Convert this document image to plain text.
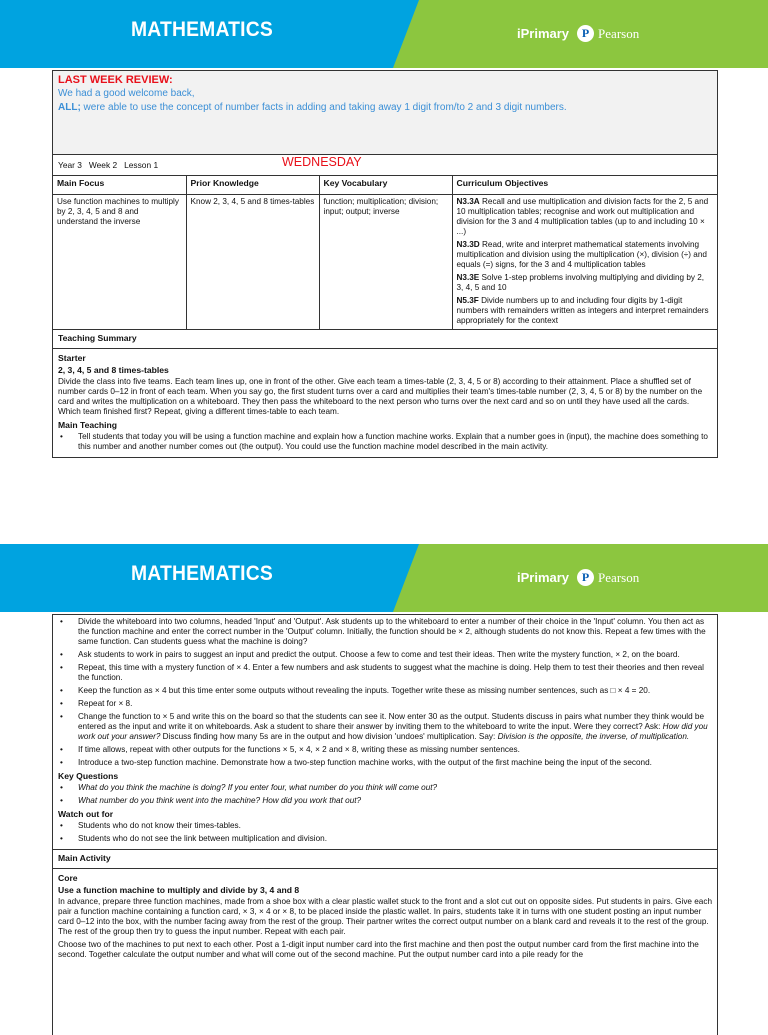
MATHEMATICS	iPrimary	P Pearson
LAST WEEK REVIEW:
We had a good welcome back,
ALL; were able to use the concept of number facts in adding and taking away 1 digit from/to 2 and 3 digit numbers.
Year 3   Week 2   Lesson 1	WEDNESDAY
Main Focus	Prior Knowledge	Key Vocabulary	Curriculum Objectives
Use function machines to multiply by 2, 3, 4, 5 and 8 and understand the inverse	Know 2, 3, 4, 5 and 8 times-tables	function; multiplication; division; input; output; inverse	N3.3A Recall and use multiplication and division facts for the 2, 5 and 10 multiplication tables; recognise and work out multiplication and division for the 3 and 4 multiplication tables (up to and including 10 × ...)
N3.3D Read, write and interpret mathematical statements involving multiplication and division using the multiplication (×), division (÷) and equals (=) signs, for the 3 and 4 multiplication tables
N3.3E Solve 1-step problems involving multiplying and dividing by 2, 3, 4, 5 and 10
N5.3F Divide numbers up to and including four digits by 1-digit numbers with remainders written as integers and interpret remainders appropriately for the context
Teaching Summary
Starter
2, 3, 4, 5 and 8 times-tables
Divide the class into five teams. Each team lines up, one in front of the other. Give each team a times-table (2, 3, 4, 5 or 8) according to their attainment. Place a shuffled set of number cards 0–12 in front of each team. When you say go, the first student turns over a card and multiplies their team's times-table number (2, 3, 4, 5 or 8) by the number on the card and writes the multiplication on a whiteboard. They then pass the whiteboard to the next person who turns over the next card and so on until they have used all the cards. Which team finished first? Repeat, giving a different times-table to each team.
Main Teaching
• Tell students that today you will be using a function machine and explain how a function machine works. Explain that a number goes in (input), the machine does something to this number and another number comes out (the output). You could use the function machine model described in the main activity.
MATHEMATICS	iPrimary	P Pearson
• Divide the whiteboard into two columns, headed 'Input' and 'Output'. Ask students up to the whiteboard to enter a number of their choice in the 'Input' column. You then act as the function machine and enter the correct number in the 'Output' column. Initially, the function should be × 2, although students do not know this. Repeat a few times with the same function. Can students guess what the machine is doing?
• Ask students to work in pairs to suggest an input and predict the output. Choose a few to come and test their ideas. Then write the mystery function, × 2, on the board.
• Repeat, this time with a mystery function of × 4. Enter a few numbers and ask students to suggest what the machine is doing. Help them to test their theories and then reveal the function.
• Keep the function as × 4 but this time enter some outputs without revealing the inputs. Together write these as missing number sentences, such as □ × 4 = 20.
• Repeat for × 8.
• Change the function to × 5 and write this on the board so that the students can see it. Now enter 30 as the output. Students discuss in pairs what number they think would be entered as the input and write it on whiteboards. Ask a student to share their answer by inviting them to the whiteboard to write the input. Were they correct? Ask: How did you work out your answer? Discuss finding how many 5s are in the output and how division 'undoes' multiplication. Say: Division is the opposite, the inverse, of multiplication.
• If time allows, repeat with other outputs for the functions × 5, × 4, × 2 and × 8, writing these as missing number sentences.
• Introduce a two-step function machine. Demonstrate how a two-step function machine works, with the output of the first machine being the input of the second.
Key Questions
• What do you think the machine is doing? If you enter four, what number do you think will come out?
• What number do you think went into the machine? How did you work that out?
Watch out for
• Students who do not know their times-tables.
• Students who do not see the link between multiplication and division.
Main Activity
Core
Use a function machine to multiply and divide by 3, 4 and 8
In advance, prepare three function machines, made from a shoe box with a clear plastic wallet stuck to the front and a slot cut out on opposite sides. Put students in pairs. Give each pair a function machine containing a function card, × 3, × 4 or × 8, to be placed inside the plastic wallet. In pairs, students take it in turns with one student posting an input number card 0–12 into the box, with the number facing away from the rest of the group. Their partner writes the correct output number on a blank card and reveals it to the rest of the group. The rest of the group then try to guess the input number. Repeat with each pair.
Choose two of the machines to put next to each other. Post a 1-digit input number card into the first machine and then post the output number card from the first machine into the second. Together calculate the output number and what will come out of the second machine. Put the output number card into a pile ready for the
